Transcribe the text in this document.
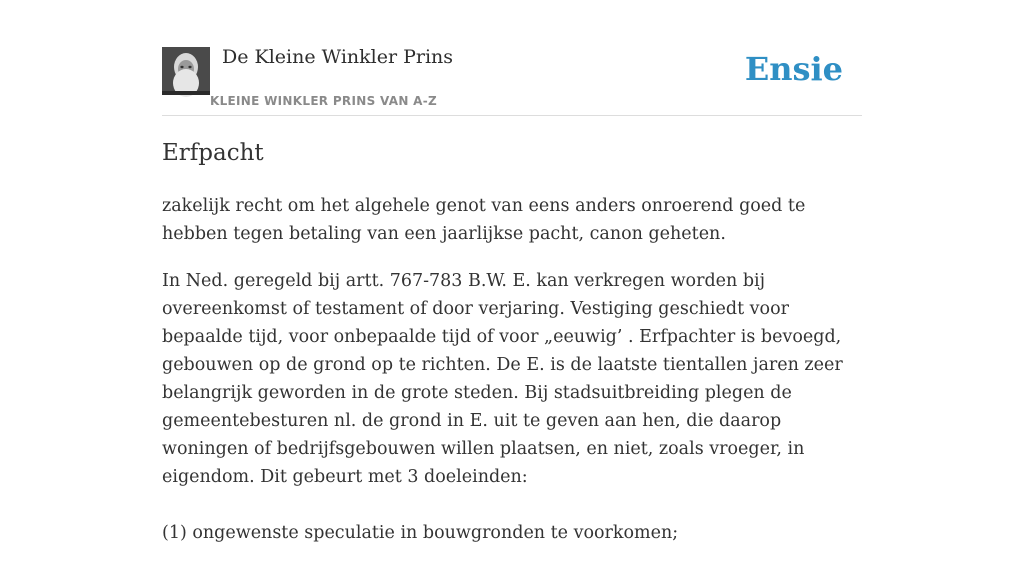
De Kleine Winkler Prins
KLEINE WINKLER PRINS VAN A-Z
Ensie
Erfpacht

zakelijk recht om het algehele genot van eens anders onroerend goed te hebben tegen betaling van een jaarlijkse pacht, canon geheten.

In Ned. geregeld bij artt. 767-783 B.W. E. kan verkregen worden bij overeenkomst of testament of door verjaring. Vestiging geschiedt voor bepaalde tijd, voor onbepaalde tijd of voor „eeuwig’ . Erfpachter is bevoegd, gebouwen op de grond op te richten. De E. is de laatste tientallen jaren zeer belangrijk geworden in de grote steden. Bij stadsuitbreiding plegen de gemeentebesturen nl. de grond in E. uit te geven aan hen, die daarop woningen of bedrijfsgebouwen willen plaatsen, en niet, zoals vroeger, in eigendom. Dit gebeurt met 3 doeleinden:

(1) ongewenste speculatie in bouwgronden te voorkomen;
